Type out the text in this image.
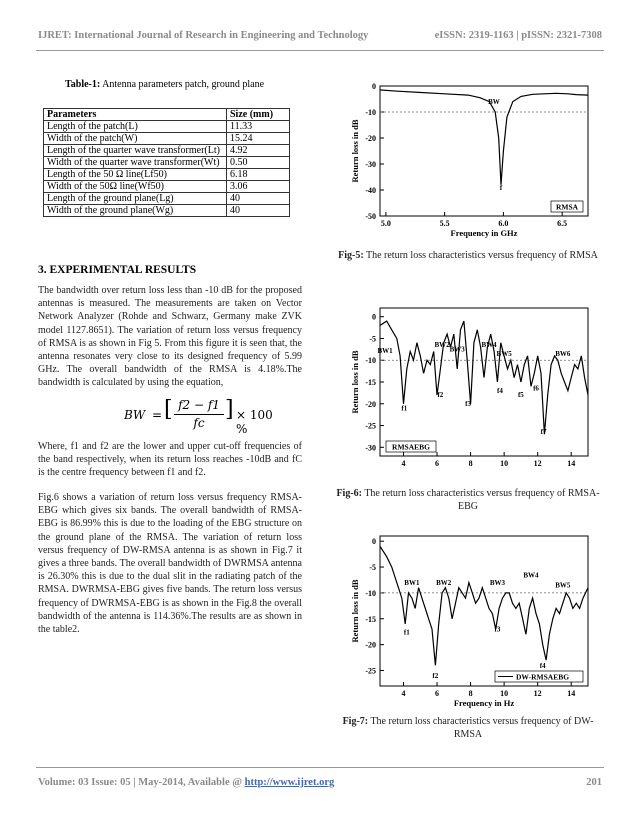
IJRET: International Journal of Research in Engineering and Technology	eISSN: 2319-1163 | pISSN: 2321-7308
Table-1: Antenna parameters patch, ground plane
Parameters	Size (mm)
Length of the patch(L)	11.33
Width of the patch(W)	15.24
Length of the quarter wave transformer(Lt)	4.92
Width of the quarter wave transformer(Wt)	0.50
Length of the 50 Ω line(Lf50)	6.18
Width of the 50Ω line(Wf50)	3.06
Length of the ground plane(Lg)	40
Width of the ground plane(Wg)	40
3. EXPERIMENTAL RESULTS
The bandwidth over return loss less than -10 dB for the proposed antennas is measured. The measurements are taken on Vector Network Analyzer (Rohde and Schwarz, Germany make ZVK model 1127.8651). The variation of return loss versus frequency of RMSA is as shown in Fig 5. From this figure it is seen that, the antenna resonates very close to its designed frequency of 5.99 GHz. The overall bandwidth of the RMSA is 4.18%.The bandwidth is calculated by using the equation,
BW = [ f2 − f1
fc
] × 100 %
Where, f1 and f2 are the lower and upper cut-off frequencies of the band respectively, when its return loss reaches -10dB and fC is the centre frequency between f1 and f2.
Fig.6 shows a variation of return loss versus frequency RMSA-EBG which gives six bands. The overall bandwidth of RMSA-EBG is 86.99% this is due to the loading of the EBG structure on the ground plane of the RMSA. The variation of return loss versus frequency of DW-RMSA antenna is as shown in Fig.7 it gives a three bands. The overall bandwidth of DWRMSA antenna is 26.30% this is due to the dual slit in the radiating patch of the RMSA. DWRMSA-EBG gives five bands. The return loss versus frequency of DWRMSA-EBG is as shown in the Fig.8 the overall bandwidth of the antenna is 114.36%.The results are as shown in the table2.
0
-10
-20
-30
-40
-50
5.0	5.5	6.0	6.5
Return loss in dB
Frequency in GHz
BW
f
RMSA
Fig-5: The return loss characteristics versus frequency of RMSA
0
-5
-10
-15
-20
-25
-30
4	6	8	10	12	14
Return loss in dB BW1
BW2
BW3
BW4
BW5	BW6
f1
f2
f3
f4
f5
f6
f7
RMSAEBG
Fig-6: The return loss characteristics versus frequency of RMSA-EBG
0
-5
-10
-15
-20
-25
4	6	8	10	12	14
Return loss in dB
Frequency in Hz
BW1 BW2	BW3
BW4
BW5
f1
f2
f3
f4
DW-RMSAEBG
Fig-7: The return loss characteristics versus frequency of DW-RMSA
Volume: 03 Issue: 05 | May-2014, Available @ http://www.ijret.org	201
